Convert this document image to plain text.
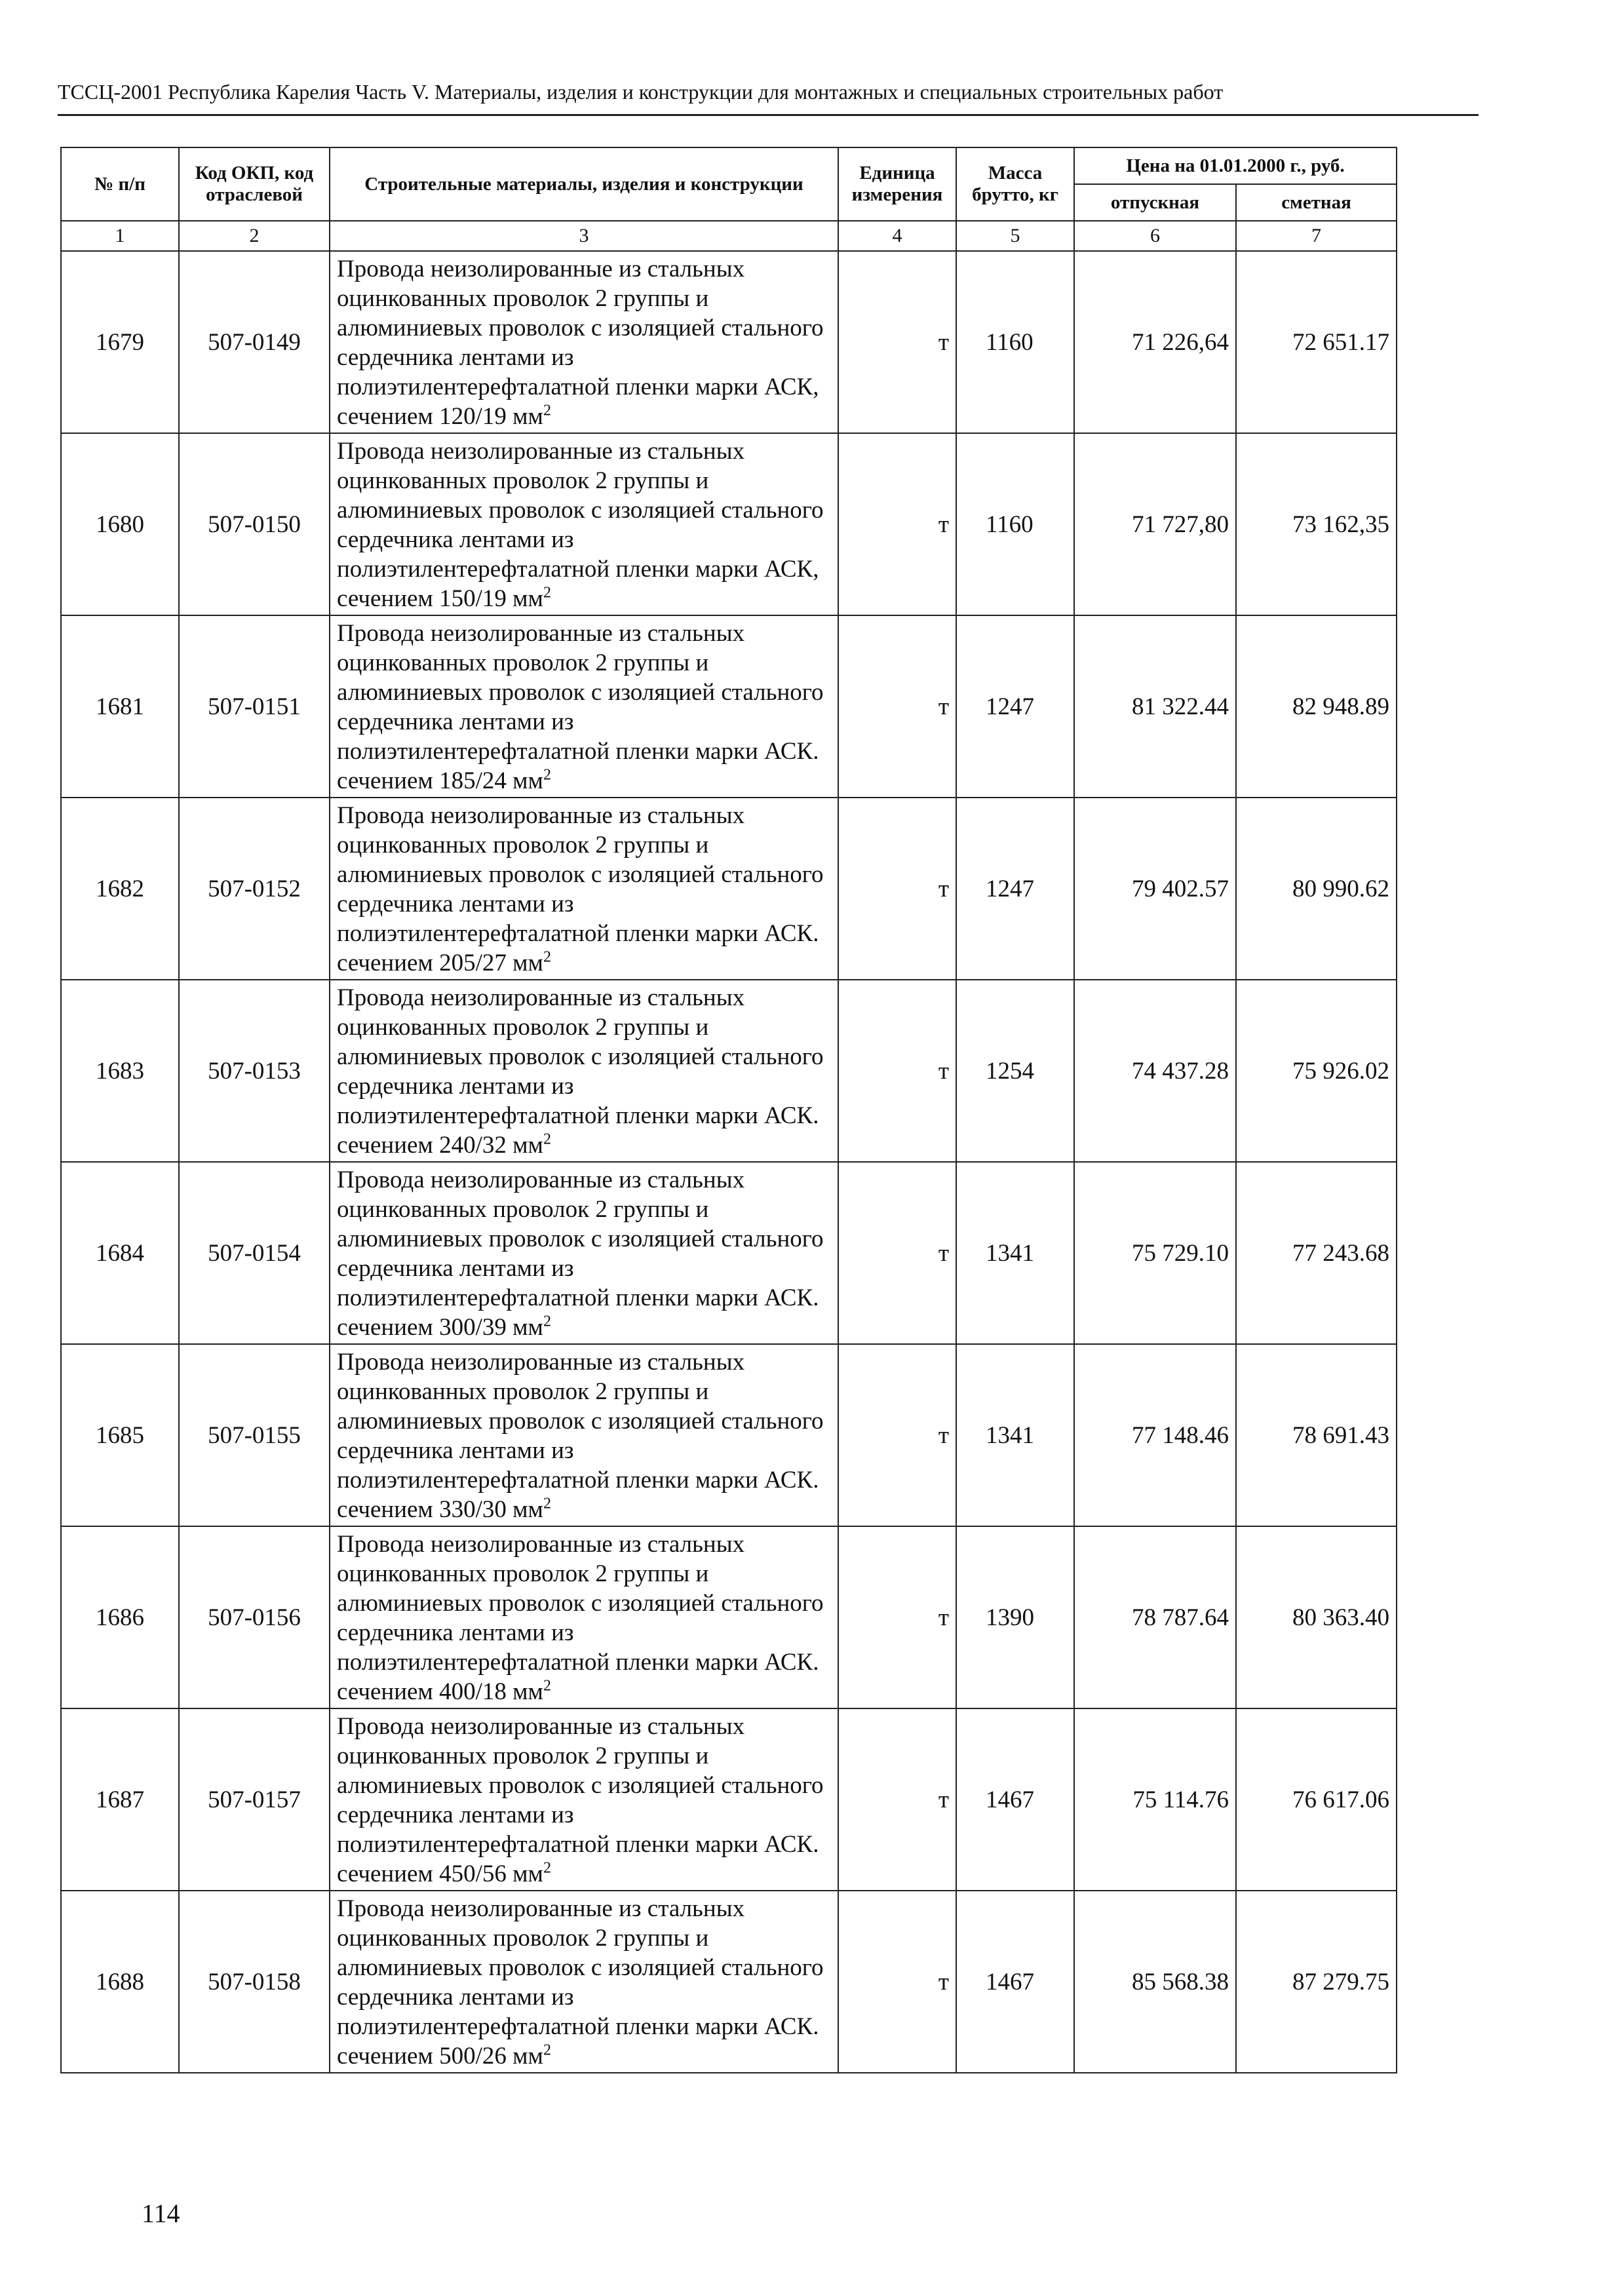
ТССЦ-2001 Республика Карелия Часть V. Материалы, изделия и конструкции для монтажных и специальных строительных работ
№ п/п	Код ОКП, код отраслевой	Строительные материалы, изделия и конструкции	Единица измерения	Масса брутто, кг	Цена на 01.01.2000 г., руб.	
					отпускная	сметная
1	2	3	4	5	6	7
1679	507-0149	Провода неизолированные из стальных оцинкованных проволок 2 группы и алюминиевых проволок с изоляцией стального сердечника лентами из полиэтилентерефталатной пленки марки АСК, сечением 120/19 $мм^2$	т	1160	71 226,64	72 651.17
1680	507-0150	Провода неизолированные из стальных оцинкованных проволок 2 группы и алюминиевых проволок с изоляцией стального сердечника лентами из полиэтилентерефталатной пленки марки АСК, сечением 150/19 $мм^2$	т	1160	71 727,80	73 162,35
1681	507-0151	Провода неизолированные из стальных оцинкованных проволок 2 группы и алюминиевых проволок с изоляцией стального сердечника лентами из полиэтилентерефталатной пленки марки АСК. сечением 185/24 $мм^2$	т	1247	81 322.44	82 948.89
1682	507-0152	Провода неизолированные из стальных оцинкованных проволок 2 группы и алюминиевых проволок с изоляцией стального сердечника лентами из полиэтилентерефталатной пленки марки АСК. сечением 205/27 $мм^2$	т	1247	79 402.57	80 990.62
1683	507-0153	Провода неизолированные из стальных оцинкованных проволок 2 группы и алюминиевых проволок с изоляцией стального сердечника лентами из полиэтилентерефталатной пленки марки АСК. сечением 240/32 $мм^2$	т	1254	74 437.28	75 926.02
1684	507-0154	Провода неизолированные из стальных оцинкованных проволок 2 группы и алюминиевых проволок с изоляцией стального сердечника лентами из полиэтилентерефталатной пленки марки АСК. сечением 300/39 $мм^2$	т	1341	75 729.10	77 243.68
1685	507-0155	Провода неизолированные из стальных оцинкованных проволок 2 группы и алюминиевых проволок с изоляцией стального сердечника лентами из полиэтилентерефталатной пленки марки АСК. сечением 330/30 $мм^2$	т	1341	77 148.46	78 691.43
1686	507-0156	Провода неизолированные из стальных оцинкованных проволок 2 группы и алюминиевых проволок с изоляцией стального сердечника лентами из полиэтилентерефталатной пленки марки АСК. сечением 400/18 $мм^2$	т	1390	78 787.64	80 363.40
1687	507-0157	Провода неизолированные из стальных оцинкованных проволок 2 группы и алюминиевых проволок с изоляцией стального сердечника лентами из полиэтилентерефталатной пленки марки АСК. сечением 450/56 $мм^2$	т	1467	75 114.76	76 617.06
1688	507-0158	Провода неизолированные из стальных оцинкованных проволок 2 группы и алюминиевых проволок с изоляцией стального сердечника лентами из полиэтилентерефталатной пленки марки АСК. сечением 500/26 $мм^2$	т	1467	85 568.38	87 279.75
114
